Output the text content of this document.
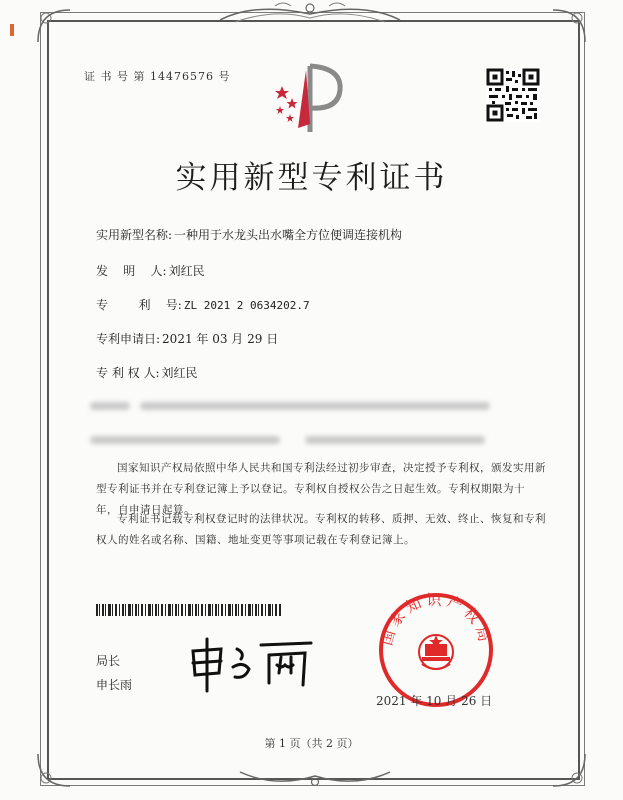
证 书 号 第 14476576 号
实用新型专利证书
实用新型名称: 一种用于水龙头出水嘴全方位便调连接机构
发    明    人: 刘红民
专        利    号: ZL 2021 2 0634202.7
专利申请日: 2021 年 03 月 29 日
专 利 权 人: 刘红民
国家知识产权局依照中华人民共和国专利法经过初步审查，决定授予专利权，颁发实用新型专利证书并在专利登记簿上予以登记。专利权自授权公告之日起生效。专利权期限为十年，自申请日起算。
专利证书记载专利权登记时的法律状况。专利权的转移、质押、无效、终止、恢复和专利权人的姓名或名称、国籍、地址变更等事项记载在专利登记簿上。
局长
申长雨
国家知识产权局
2021 年 10 月 26 日
第 1 页（共 2 页）
